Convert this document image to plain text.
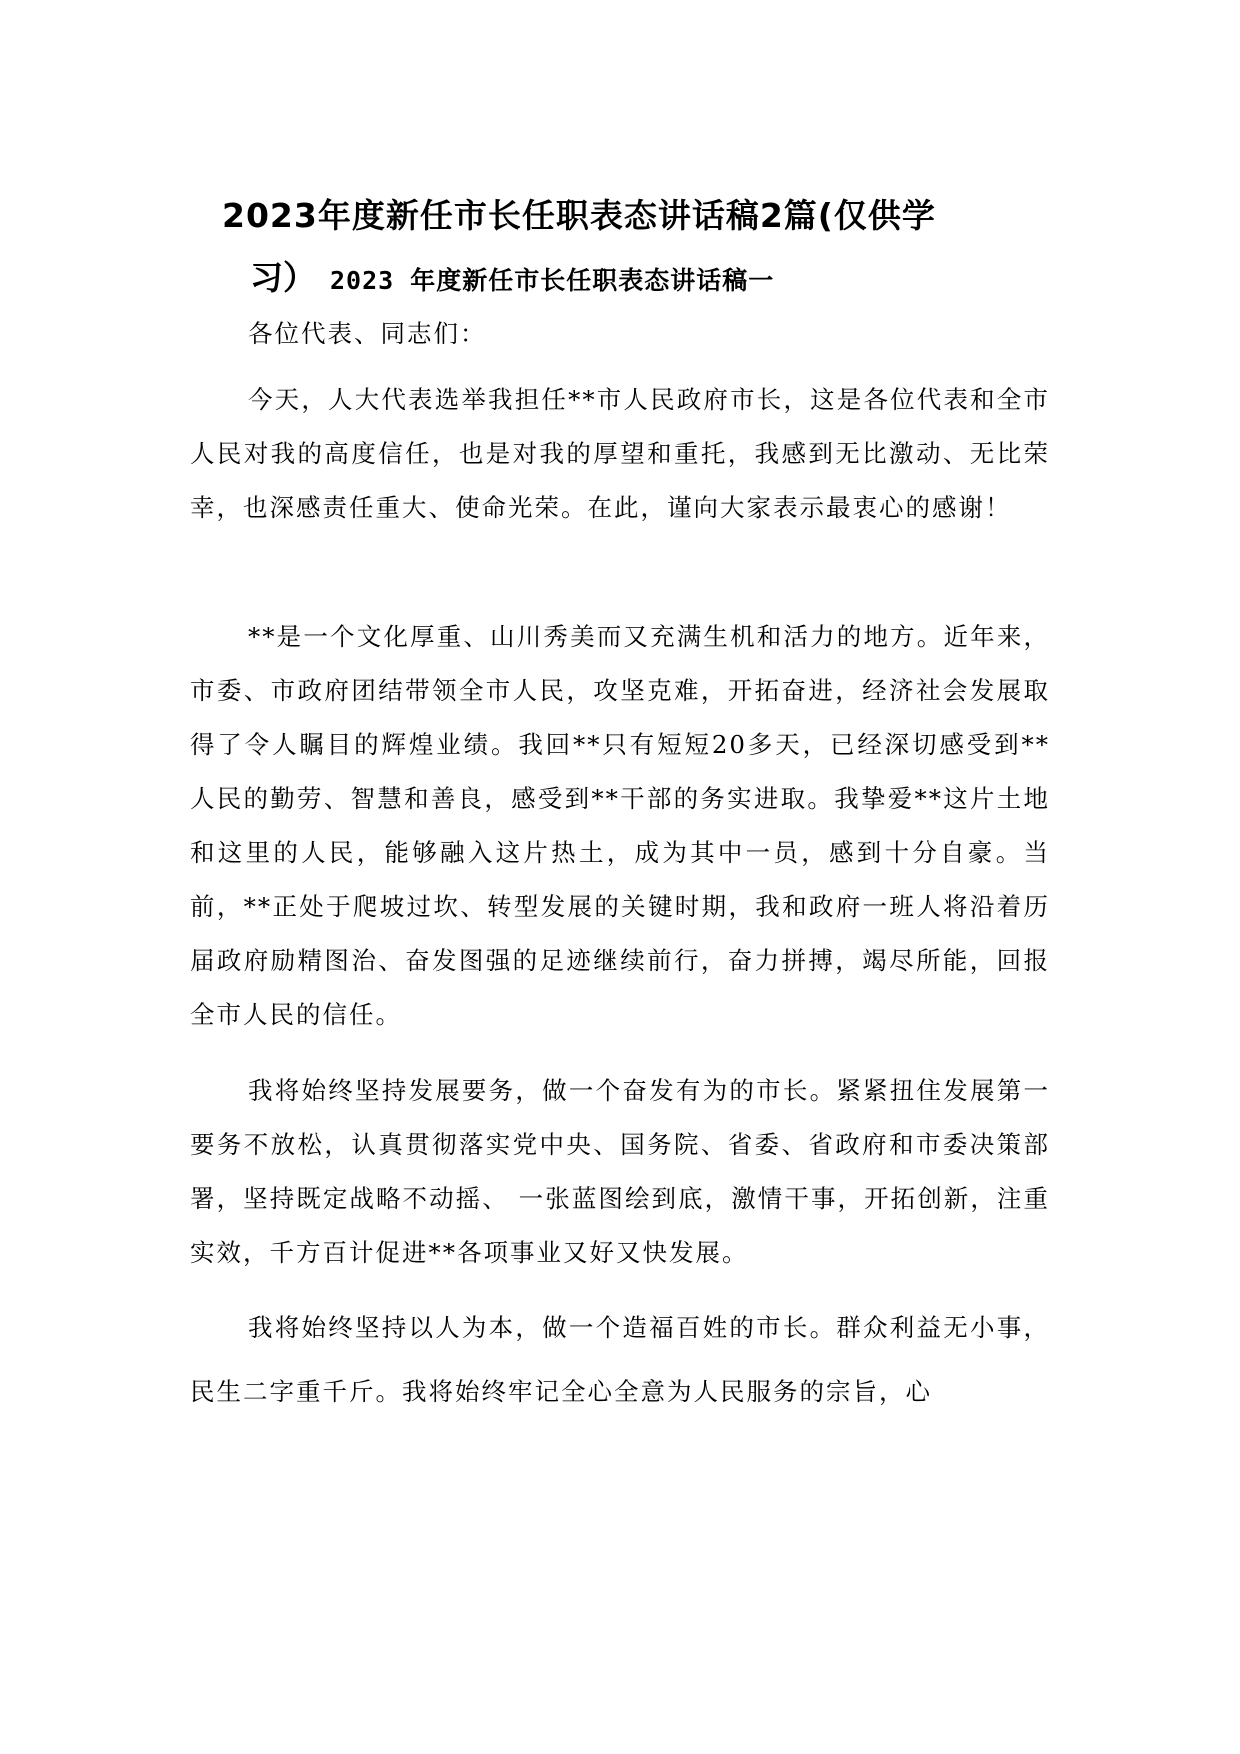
2023年度新任市长任职表态讲话稿2篇(仅供学
习） 2023 年度新任市长任职表态讲话稿一

各位代表、同志们：

今天，人大代表选举我担任**市人民政府市长，这是各位代表和全市人民对我的高度信任，也是对我的厚望和重托，我感到无比激动、无比荣幸，也深感责任重大、使命光荣。在此，谨向大家表示最衷心的感谢！

**是一个文化厚重、山川秀美而又充满生机和活力的地方。近年来，市委、市政府团结带领全市人民，攻坚克难，开拓奋进，经济社会发展取得了令人瞩目的辉煌业绩。我回**只有短短20多天，已经深切感受到**人民的勤劳、智慧和善良，感受到**干部的务实进取。我挚爱**这片土地和这里的人民，能够融入这片热土，成为其中一员，感到十分自豪。当前，**正处于爬坡过坎、转型发展的关键时期，我和政府一班人将沿着历届政府励精图治、奋发图强的足迹继续前行，奋力拼搏，竭尽所能，回报全市人民的信任。

我将始终坚持发展要务，做一个奋发有为的市长。紧紧扭住发展第一要务不放松，认真贯彻落实党中央、国务院、省委、省政府和市委决策部署，坚持既定战略不动摇、 一张蓝图绘到底，激情干事，开拓创新，注重实效，千方百计促进**各项事业又好又快发展。

我将始终坚持以人为本，做一个造福百姓的市长。群众利益无小事，民生二字重千斤。我将始终牢记全心全意为人民服务的宗旨，心
